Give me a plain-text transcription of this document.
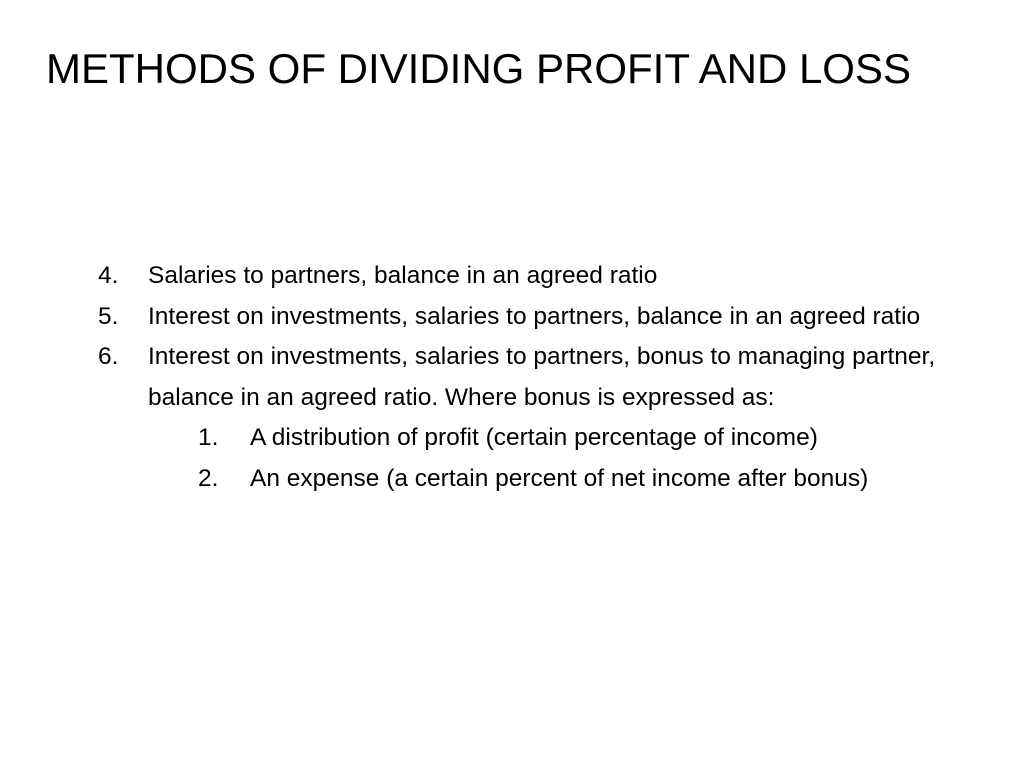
METHODS OF DIVIDING PROFIT AND LOSS
4. Salaries to partners, balance in an agreed ratio
5. Interest on investments, salaries to partners, balance in an agreed ratio
6. Interest on investments, salaries to partners, bonus to managing partner, balance in an agreed ratio. Where bonus is expressed as:
1. A distribution of profit (certain percentage of income)
2. An expense (a certain percent of net income after bonus)
